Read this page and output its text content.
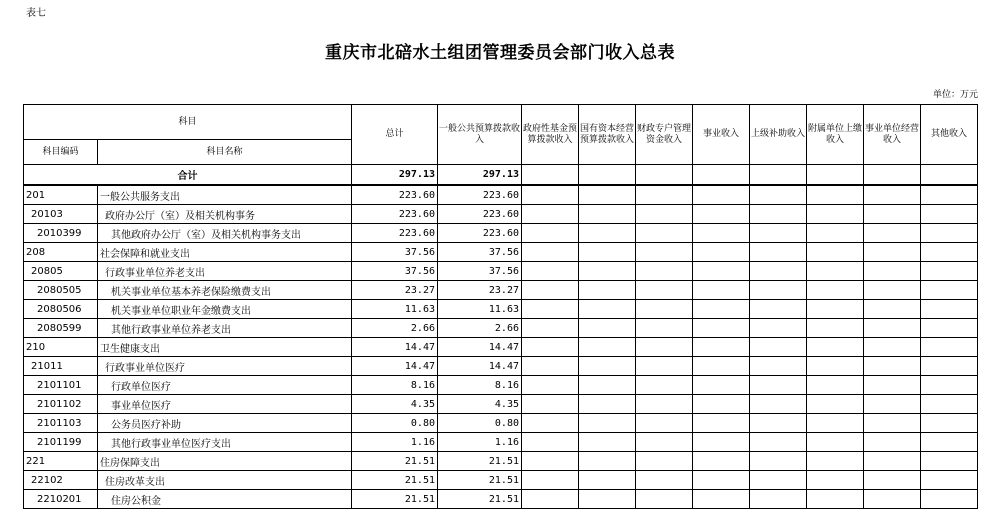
表七
重庆市北碚水土组团管理委员会部门收入总表
单位：万元
科目		总计	一般公共预算拨款收入	政府性基金预算拨款收入	国有资本经营预算拨款收入	财政专户管理资金收入	事业收入	上级补助收入	附属单位上缴收入	事业单位经营收入	其他收入
科目编码	科目名称										
合计		297.13	297.13								
201	一般公共服务支出	223.60	223.60								
20103	政府办公厅（室）及相关机构事务	223.60	223.60								
2010399	其他政府办公厅（室）及相关机构事务支出	223.60	223.60								
208	社会保障和就业支出	37.56	37.56								
20805	行政事业单位养老支出	37.56	37.56								
2080505	机关事业单位基本养老保险缴费支出	23.27	23.27								
2080506	机关事业单位职业年金缴费支出	11.63	11.63								
2080599	其他行政事业单位养老支出	2.66	2.66								
210	卫生健康支出	14.47	14.47								
21011	行政事业单位医疗	14.47	14.47								
2101101	行政单位医疗	8.16	8.16								
2101102	事业单位医疗	4.35	4.35								
2101103	公务员医疗补助	0.80	0.80								
2101199	其他行政事业单位医疗支出	1.16	1.16								
221	住房保障支出	21.51	21.51								
22102	住房改革支出	21.51	21.51								
2210201	住房公积金	21.51	21.51								
